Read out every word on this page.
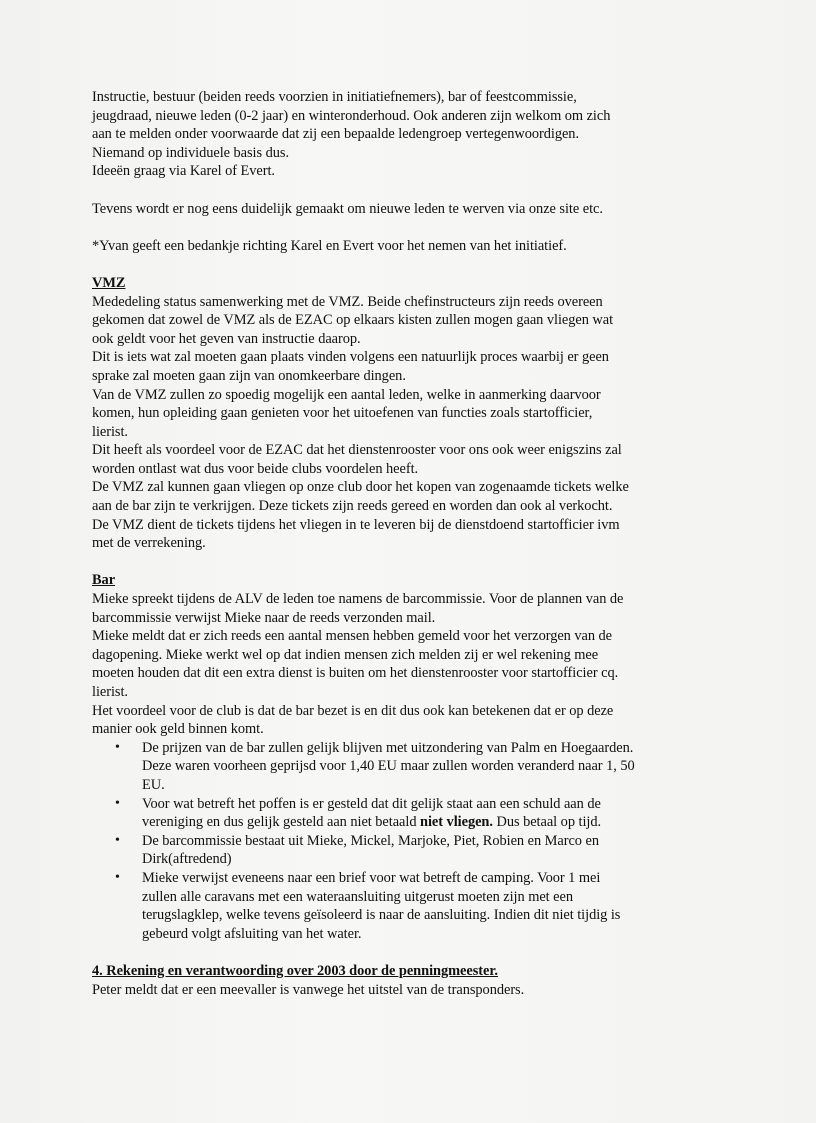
Instructie, bestuur (beiden reeds voorzien in initiatiefnemers), bar of feestcommissie,

jeugdraad, nieuwe leden (0-2 jaar) en winteronderhoud. Ook anderen zijn welkom om zich

aan te melden onder voorwaarde dat zij een bepaalde ledengroep vertegenwoordigen.

Niemand op individuele basis dus.

Ideeën graag via Karel of Evert.

Tevens wordt er nog eens duidelijk gemaakt om nieuwe leden te werven via onze site etc.

*Yvan geeft een bedankje richting Karel en Evert voor het nemen van het initiatief.

VMZ

Mededeling status samenwerking met de VMZ. Beide chefinstructeurs zijn reeds overeen

gekomen dat zowel de VMZ als de EZAC op elkaars kisten zullen mogen gaan vliegen wat

ook geldt voor het geven van instructie daarop.

Dit is iets wat zal moeten gaan plaats vinden volgens een natuurlijk proces waarbij er geen

sprake zal moeten gaan zijn van onomkeerbare dingen.

Van de VMZ zullen zo spoedig mogelijk een aantal leden, welke in aanmerking daarvoor

komen, hun opleiding gaan genieten voor het uitoefenen van functies zoals startofficier,

lierist.

Dit heeft als voordeel voor de EZAC dat het dienstenrooster voor ons ook weer enigszins zal

worden ontlast wat dus voor beide clubs voordelen heeft.

De VMZ zal kunnen gaan vliegen op onze club door het kopen van zogenaamde tickets welke

aan de bar zijn te verkrijgen. Deze tickets zijn reeds gereed en worden dan ook al verkocht.

De VMZ dient de tickets tijdens het vliegen in te leveren bij de dienstdoend startofficier ivm

met de verrekening.

Bar

Mieke spreekt tijdens de ALV de leden toe namens de barcommissie. Voor de plannen van de

barcommissie verwijst Mieke naar de reeds verzonden mail.

Mieke meldt dat er zich reeds een aantal mensen hebben gemeld voor het verzorgen van de

dagopening. Mieke werkt wel op dat indien mensen zich melden zij er wel rekening mee

moeten houden dat dit een extra dienst is buiten om het dienstenrooster voor startofficier cq.

lierist.

Het voordeel voor de club is dat de bar bezet is en dit dus ook kan betekenen dat er op deze

manier ook geld binnen komt.

• De prijzen van de bar zullen gelijk blijven met uitzondering van Palm en Hoegaarden.

Deze waren voorheen geprijsd voor 1,40 EU maar zullen worden veranderd naar 1, 50

EU.

• Voor wat betreft het poffen is er gesteld dat dit gelijk staat aan een schuld aan de

vereniging en dus gelijk gesteld aan niet betaald niet vliegen. Dus betaal op tijd.

• De barcommissie bestaat uit Mieke, Mickel, Marjoke, Piet, Robien en Marco en

Dirk(aftredend)

• Mieke verwijst eveneens naar een brief voor wat betreft de camping. Voor 1 mei

zullen alle caravans met een wateraansluiting uitgerust moeten zijn met een

terugslagklep, welke tevens geïsoleerd is naar de aansluiting. Indien dit niet tijdig is

gebeurd volgt afsluiting van het water.

4. Rekening en verantwoording over 2003 door de penningmeester.

Peter meldt dat er een meevaller is vanwege het uitstel van de transponders.
